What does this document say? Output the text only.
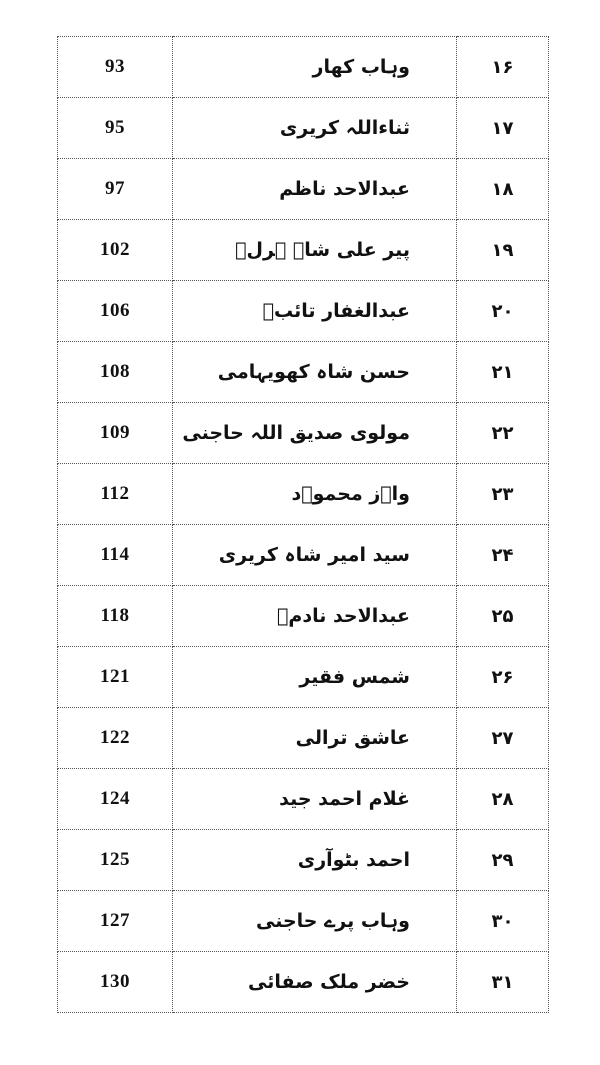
93	وہاب کھار	۱۶
95	ثناءاللہ کریری	۱۷
97	عبدالاحد ناظم	۱۸
102	پیر علی شاہ ہرلؔ	۱۹
106	عبدالغفار تائبؔ	۲۰
108	حسن شاہ کھویہامی	۲۱
109	مولوی صدیق اللہ حاجنی	۲۲
112	واؔز محموؔد	۲۳
114	سید امیر شاہ کریری	۲۴
118	عبدالاحد نادمؔ	۲۵
121	شمس فقیر	۲۶
122	عاشق ترالی	۲۷
124	غلام احمد جید	۲۸
125	احمد بٹوآری	۲۹
127	وہاب پرے حاجنی	۳۰
130	خضر ملک صفائی	۳۱
